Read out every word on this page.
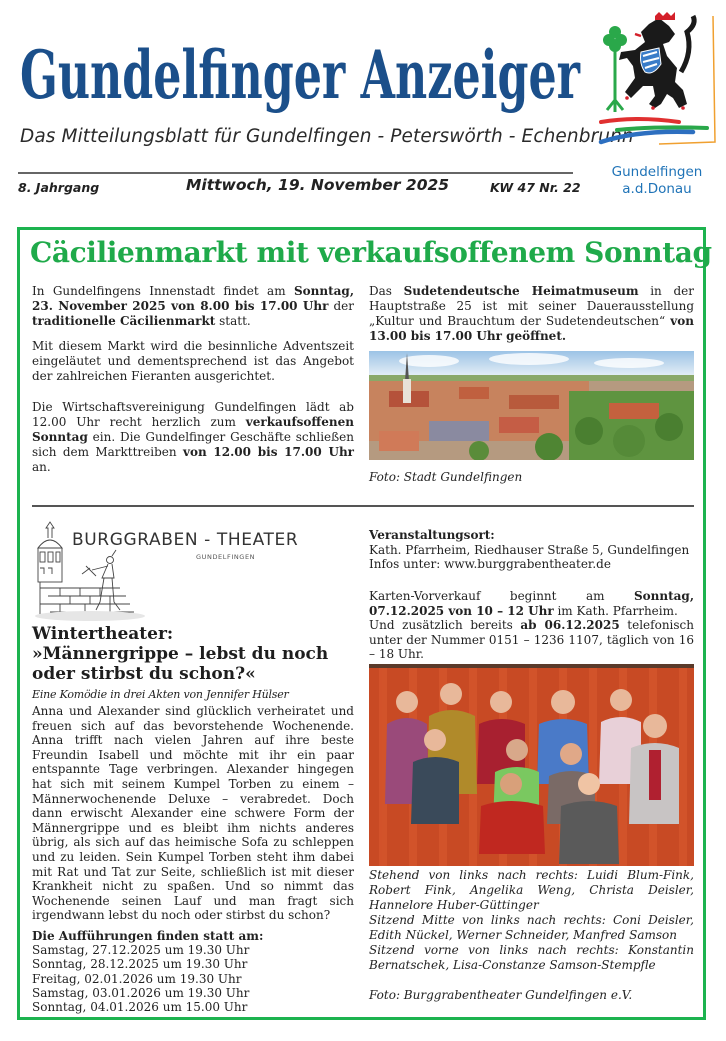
Gundelfinger Anzeiger
Das Mitteilungsblatt für Gundelfingen - Peterswörth - Echenbrunn
8. Jahrgang	Mittwoch, 19. November 2025	KW 47 Nr. 22
Gundelfingen
a.d.Donau
Cäcilienmarkt mit verkaufsoffenem Sonntag
In Gundelfingens Innenstadt findet am Sonntag, 23. November 2025 von 8.00 bis 17.00 Uhr der traditionelle Cäcilienmarkt statt.
Mit diesem Markt wird die besinnliche Adventszeit eingeläutet und dementsprechend ist das Angebot der zahlreichen Fieranten ausgerichtet.
Die Wirtschaftsvereinigung Gundelfingen lädt ab 12.00 Uhr recht herzlich zum verkaufsoffenen Sonntag ein. Die Gundelfinger Geschäfte schließen sich dem Markttreiben von 12.00 bis 17.00 Uhr an.
Das Sudetendeutsche Heimatmuseum in der Hauptstraße 25 ist mit seiner Dauerausstellung „Kultur und Brauchtum der Sudetendeutschen“ von 13.00 bis 17.00 Uhr geöffnet.
Foto: Stadt Gundelfingen
BURGGRABEN - THEATER
GUNDELFINGEN
Wintertheater:
»Männergrippe – lebst du noch oder stirbst du schon?«
Eine Komödie in drei Akten von Jennifer Hülser
Anna und Alexander sind glücklich verheiratet und freuen sich auf das bevorstehende Wochenende. Anna trifft nach vielen Jahren auf ihre beste Freundin Isabell und möchte mit ihr ein paar entspannte Tage verbringen. Alexander hingegen hat sich mit seinem Kumpel Torben zu einem – Männerwochenende Deluxe – verabredet. Doch dann erwischt Alexander eine schwere Form der Männergrippe und es bleibt ihm nichts anderes übrig, als sich auf das heimische Sofa zu schleppen und zu leiden. Sein Kumpel Torben steht ihm dabei mit Rat und Tat zur Seite, schließlich ist mit dieser Krankheit nicht zu spaßen. Und so nimmt das Wochenende seinen Lauf und man fragt sich irgendwann lebst du noch oder stirbst du schon?
Die Aufführungen finden statt am:
Samstag, 27.12.2025 um 19.30 Uhr
Sonntag, 28.12.2025 um 19.30 Uhr
Freitag, 02.01.2026 um 19.30 Uhr
Samstag, 03.01.2026 um 19.30 Uhr
Sonntag, 04.01.2026 um 15.00 Uhr
Veranstaltungsort:
Kath. Pfarrheim, Riedhauser Straße 5, Gundelfingen
Infos unter: www.burggrabentheater.de
Karten-Vorverkauf beginnt am Sonntag, 07.12.2025 von 10 – 12 Uhr im Kath. Pfarrheim.
Und zusätzlich bereits ab 06.12.2025 telefonisch unter der Nummer 0151 – 1236 1107, täglich von 16 – 18 Uhr.
Stehend von links nach rechts: Luidi Blum-Fink, Robert Fink, Angelika Weng, Christa Deisler, Hannelore Huber-Güttinger
Sitzend Mitte von links nach rechts: Coni Deisler, Edith Nückel, Werner Schneider, Manfred Samson
Sitzend vorne von links nach rechts: Konstantin Bernatschek, Lisa-Constanze Samson-Stempfle
Foto: Burggrabentheater Gundelfingen e.V.
